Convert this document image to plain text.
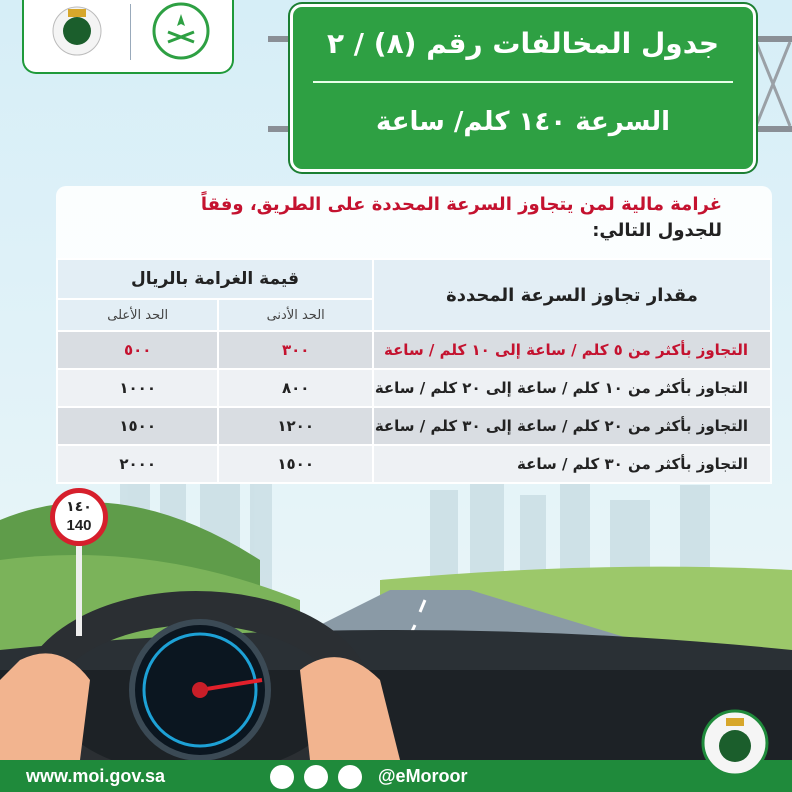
جدول المخالفات رقم (٨) / ٢
السرعة ١٤٠ كلم/ ساعة
غرامة مالية لمن يتجاوز السرعة المحددة على الطريق، وفقاً
للجدول التالي:
قيمة الغرامة بالريال		مقدار تجاوز السرعة المحددة
الحد الأعلى	الحد الأدنى	
٥٠٠	٣٠٠	التجاوز بأكثر من ٥ كلم / ساعة إلى ١٠ كلم / ساعة
١٠٠٠	٨٠٠	التجاوز بأكثر من ١٠ كلم / ساعة إلى ٢٠ كلم / ساعة
١٥٠٠	١٢٠٠	التجاوز بأكثر من ٢٠ كلم / ساعة إلى ٣٠ كلم / ساعة
٢٠٠٠	١٥٠٠	التجاوز بأكثر من ٣٠ كلم / ساعة
١٤٠
140
www.moi.gov.sa	@eMoroor
